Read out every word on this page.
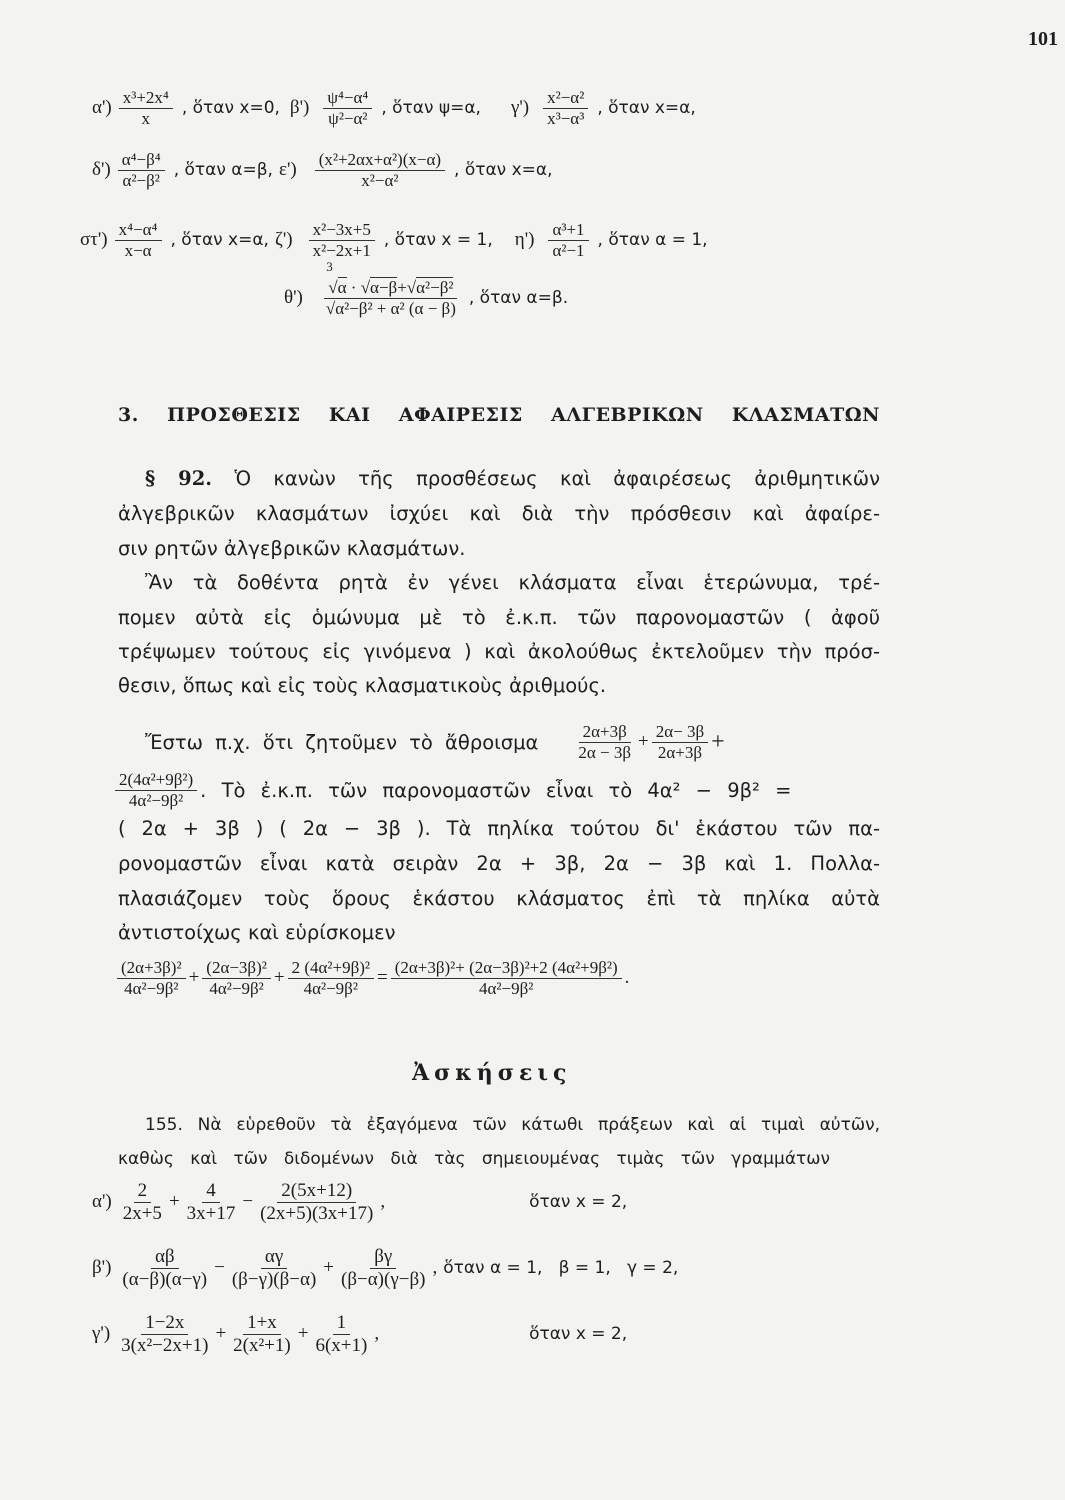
101
$\alpha') \frac{\text{x³+2x⁴}}{x}$ , ὅταν x=0, $\beta') \frac{\text{ψ⁴−α⁴}}{\text{ψ²−α²}}$ , ὅταν ψ=α, $\gamma') \frac{\text{x²−α²}}{\text{x³−α³}}$ , ὅταν x=α,
$\delta') \frac{\text{α⁴−β⁴}}{\text{α²−β²}}$ , ὅταν α=β, $\varepsilon') \frac{\text{(x²+2αx+α²)(x−α)}}{\text{x²−α²}}$ , ὅταν x=α,
$\sigma\tau') \frac{\text{x⁴−α⁴}}{x-\alpha}$ , ὅταν x=α, $\zeta') \frac{\text{x²−3x+5}}{\text{x²−2x+1}}$ , ὅταν x = 1, $\eta') \frac{\text{α³+1}}{\text{α²−1}}$ , ὅταν α = 1,
θ') 3
√α · √α−β+√α²−β²
√α²−β² + α² (α − β) , ὅταν α=β.
3. ΠΡΟΣΘΕΣΙΣ ΚΑΙ ΑΦΑΙΡΕΣΙΣ ΑΛΓΕΒΡΙΚΩΝ ΚΛΑΣΜΑΤΩΝ
§ 92. Ὁ κανὼν τῆς προσθέσεως καὶ ἀφαιρέσεως ἀριθμητικῶν
ἀλγεβρικῶν κλασμάτων ἰσχύει καὶ διὰ τὴν πρόσθεσιν καὶ ἀφαίρε-
σιν ρητῶν ἀλγεβρικῶν κλασμάτων.
Ἂν τὰ δοθέντα ρητὰ ἐν γένει κλάσματα εἶναι ἑτερώνυμα, τρέ-
πομεν αὐτὰ εἰς ὁμώνυμα μὲ τὸ ἐ.κ.π. τῶν παρονομαστῶν ( ἀφοῦ
τρέψωμεν τούτους εἰς γινόμενα ) καὶ ἀκολούθως ἐκτελοῦμεν τὴν πρόσ-
θεσιν, ὅπως καὶ εἰς τοὺς κλασματικοὺς ἀριθμούς.
Ἔστω π.χ. ὅτι ζητοῦμεν τὸ ἄθροισμα $\frac{2\alpha+3\beta}{2\alpha - 3\beta} + \frac{2\alpha- 3\beta}{2\alpha+3\beta}$ +
$\frac{\text{2(4α²+9β²)}}{\text{4α²−9β²}}$ . Τὸ ἐ.κ.π. τῶν παρονομαστῶν εἶναι τὸ 4α² − 9β² =
( 2α + 3β ) ( 2α − 3β ). Τὰ πηλίκα τούτου δι' ἑκάστου τῶν πα-
ρονομαστῶν εἶναι κατὰ σειρὰν 2α + 3β, 2α − 3β καὶ 1. Πολλα-
πλασιάζομεν τοὺς ὅρους ἑκάστου κλάσματος ἐπὶ τὰ πηλίκα αὐτὰ
ἀντιστοίχως καὶ εὑρίσκομεν
$\frac{\text{(2α+3β)²}}{\text{4α²−9β²}} + \frac{\text{(2α−3β)²}}{\text{4α²−9β²}} + \frac{\text{2 (4α²+9β)²}}{\text{4α²−9β²}} = \frac{\text{(2α+3β)²+ (2α−3β)²+2 (4α²+9β²)}}{\text{4α²−9β²}}$ .
Ἀσκήσεις
155. Νὰ εὑρεθοῦν τὰ ἐξαγόμενα τῶν κάτωθι πράξεων καὶ αἱ τιμαὶ αὐτῶν,
καθὼς καὶ τῶν διδομένων διὰ τὰς σημειουμένας τιμὰς τῶν γραμμάτων
$\alpha') \frac{2}{2x+5} + \frac{4}{3x+17} - \frac{2(5x+12)}{(2x+5)(3x+17)}$ ,	ὅταν x = 2,
$\beta') \frac{\alpha\beta}{(\alpha-\beta)(\alpha-\gamma)} - \frac{\alpha\gamma}{(\beta-\gamma)(\beta-\alpha)} + \frac{\beta\gamma}{(\beta-\alpha)(\gamma-\beta)}$ , ὅταν α = 1,   β = 1,   γ = 2,
$\gamma') \frac{1-2x}{\text{3(x²−2x+1)}} + \frac{1+x}{\text{2(x²+1)}} + \frac{1}{6(x+1)}$ ,	ὅταν x = 2,
